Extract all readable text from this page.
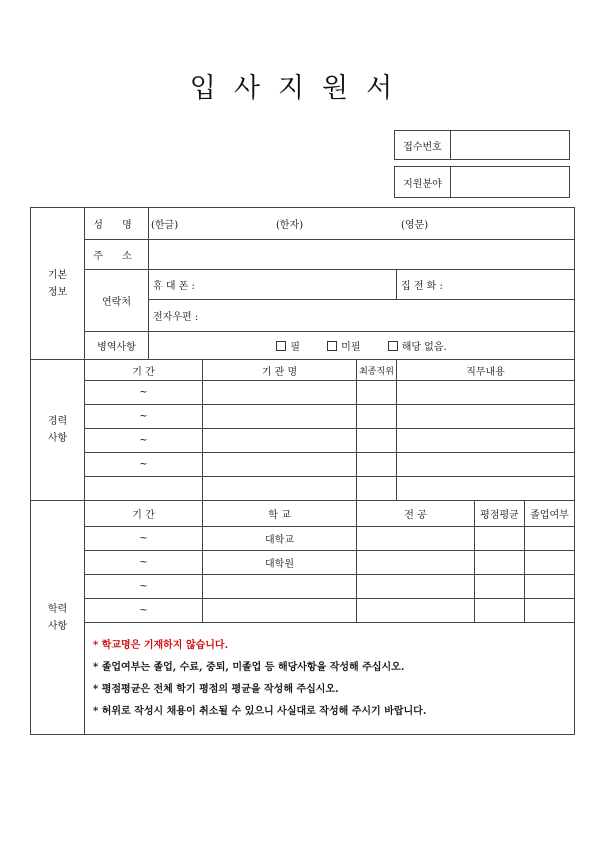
입사지원서
접수번호	
지원분야	
기본
정보	성 명	(한글) (한자) (영문)					
	주 소						
	연락처	휴 대 폰 :			집 전 화 :		
		전자우편 :					
	병역사항	필 미필 해당 없음.					
경력
사항	기 간		기 관 명	최종직위	직무내용		
	~						
	~						
	~						
	~						

학력
사항	기 간		학 교	전 공		평점평균	졸업여부
	~		대학교				
	~		대학원				
	~						
	~						

	* 학교명은 기재하지 않습니다.
* 졸업여부는 졸업, 수료, 중퇴, 미졸업 등 해당사항을 작성해 주십시오.
* 평점평균은 전체 학기 평점의 평균을 작성해 주십시오.
* 허위로 작성시 채용이 취소될 수 있으니 사실대로 작성해 주시기 바랍니다.						
